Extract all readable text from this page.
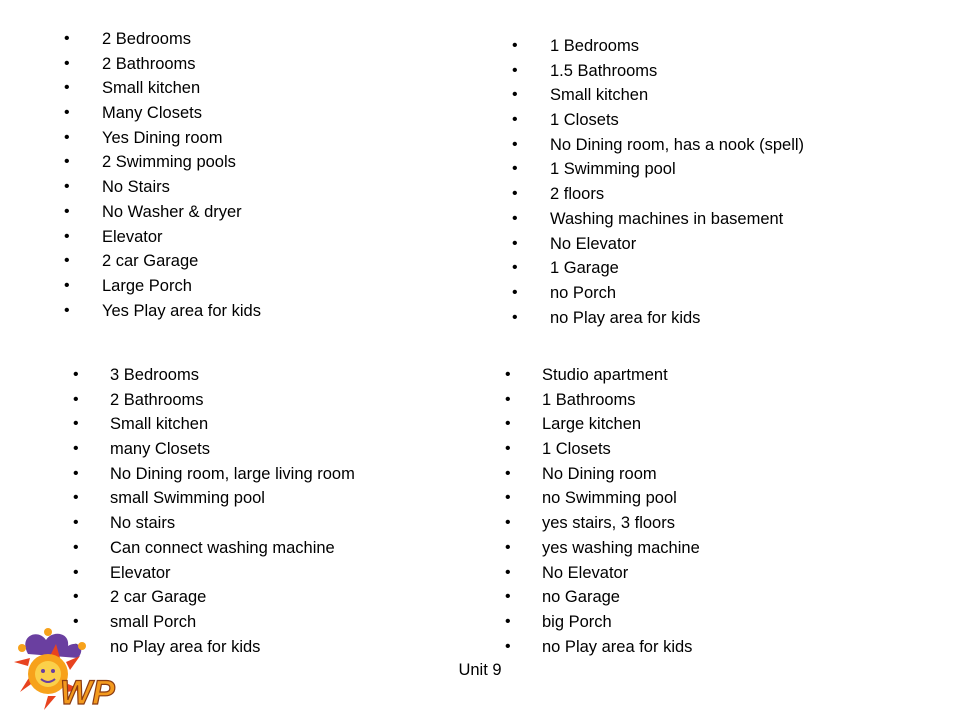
• 2 Bedrooms
• 2 Bathrooms
• Small kitchen
• Many Closets
• Yes Dining room
• 2 Swimming pools
• No Stairs
• No Washer & dryer
• Elevator
• 2 car Garage
• Large Porch
• Yes Play area for kids
• 1 Bedrooms
• 1.5 Bathrooms
• Small kitchen
• 1 Closets
• No Dining room, has a nook (spell)
• 1 Swimming pool
• 2 floors
• Washing machines in basement
• No Elevator
• 1 Garage
• no Porch
• no Play area for kids
• 3 Bedrooms
• 2 Bathrooms
• Small kitchen
• many Closets
• No Dining room, large living room
• small Swimming pool
• No stairs
• Can connect washing machine
• Elevator
• 2 car Garage
• small Porch
no Play area for kids
• Studio apartment
• 1 Bathrooms
• Large kitchen
• 1 Closets
• No Dining room
• no Swimming pool
• yes stairs, 3 floors
• yes washing machine
• No Elevator
• no Garage
• big Porch
• no Play area for kids
Unit 9
WP
